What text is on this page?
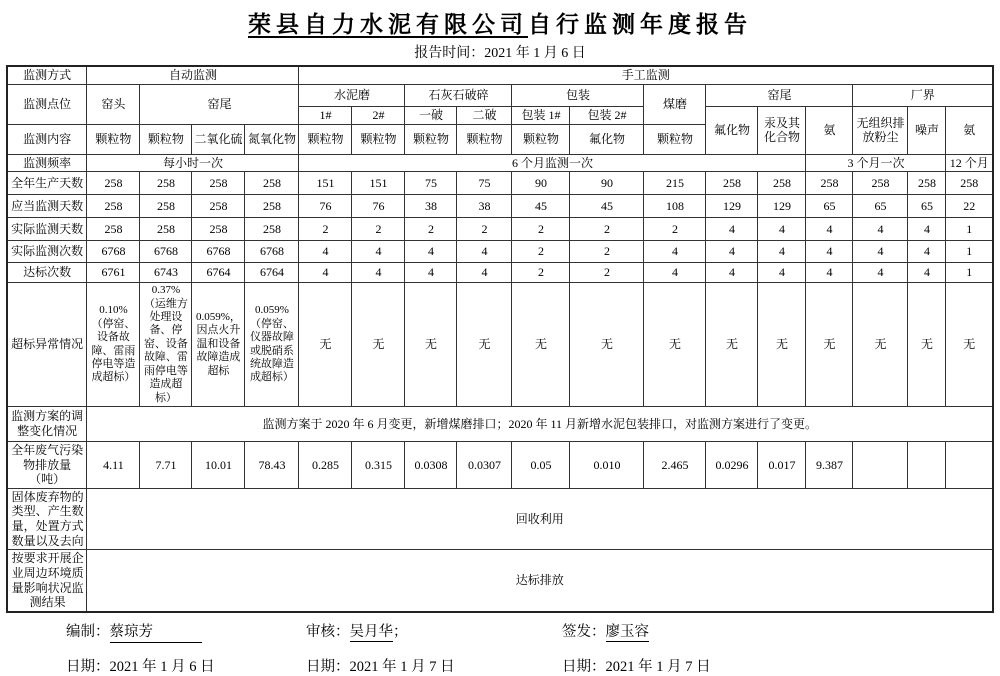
荣县自力水泥有限公司自行监测年度报告
报告时间：2021 年 1 月 6 日
监测方式	自动监测				手工监测												
监测点位	窑头	窑尾			水泥磨		石灰石破碎		包装		煤磨	窑尾			厂界		
					1#	2#	一破	二破	包装 1#	包装 2#		氟化物	汞及其化合物	氨	无组织排放粉尘	噪声	氨
监测内容	颗粒物	颗粒物	二氧化硫	氮氧化物	颗粒物	颗粒物	颗粒物	颗粒物	颗粒物	氟化物	颗粒物						
监测频率	每小时一次				6 个月监测一次									3 个月一次			12 个月
全年生产天数	258	258	258	258	151	151	75	75	90	90	215	258	258	258	258	258	258
应当监测天数	258	258	258	258	76	76	38	38	45	45	108	129	129	65	65	65	22
实际监测天数	258	258	258	258	2	2	2	2	2	2	2	4	4	4	4	4	1
实际监测次数	6768	6768	6768	6768	4	4	4	4	2	2	4	4	4	4	4	4	1
达标次数	6761	6743	6764	6764	4	4	4	4	2	2	4	4	4	4	4	4	1
超标异常情况	0.10%（停窑、设备故障、雷雨停电等造成超标）	0.37%（运维方处理设备、停窑、设备故障、雷雨停电等造成超标）	0.059%，因点火升温和设备故障造成超标	0.059%（停窑、仪器故障或脱硝系统故障造成超标）	无	无	无	无	无	无	无	无	无	无	无	无	无
监测方案的调整变化情况	监测方案于 2020 年 6 月变更，新增煤磨排口；2020 年 11 月新增水泥包装排口，对监测方案进行了变更。																
全年废气污染物排放量（吨）	4.11	7.71	10.01	78.43	0.285	0.315	0.0308	0.0307	0.05	0.010	2.465	0.0296	0.017	9.387			
固体废弃物的类型、产生数量，处置方式数量以及去向	回收利用																
按要求开展企业周边环境质量影响状况监测结果	达标排放																
编制：蔡琼芳	审核：吴月华；	签发：廖玉容
日期：2021 年 1 月 6 日	日期：2021 年 1 月 7 日	日期：2021 年 1 月 7 日
